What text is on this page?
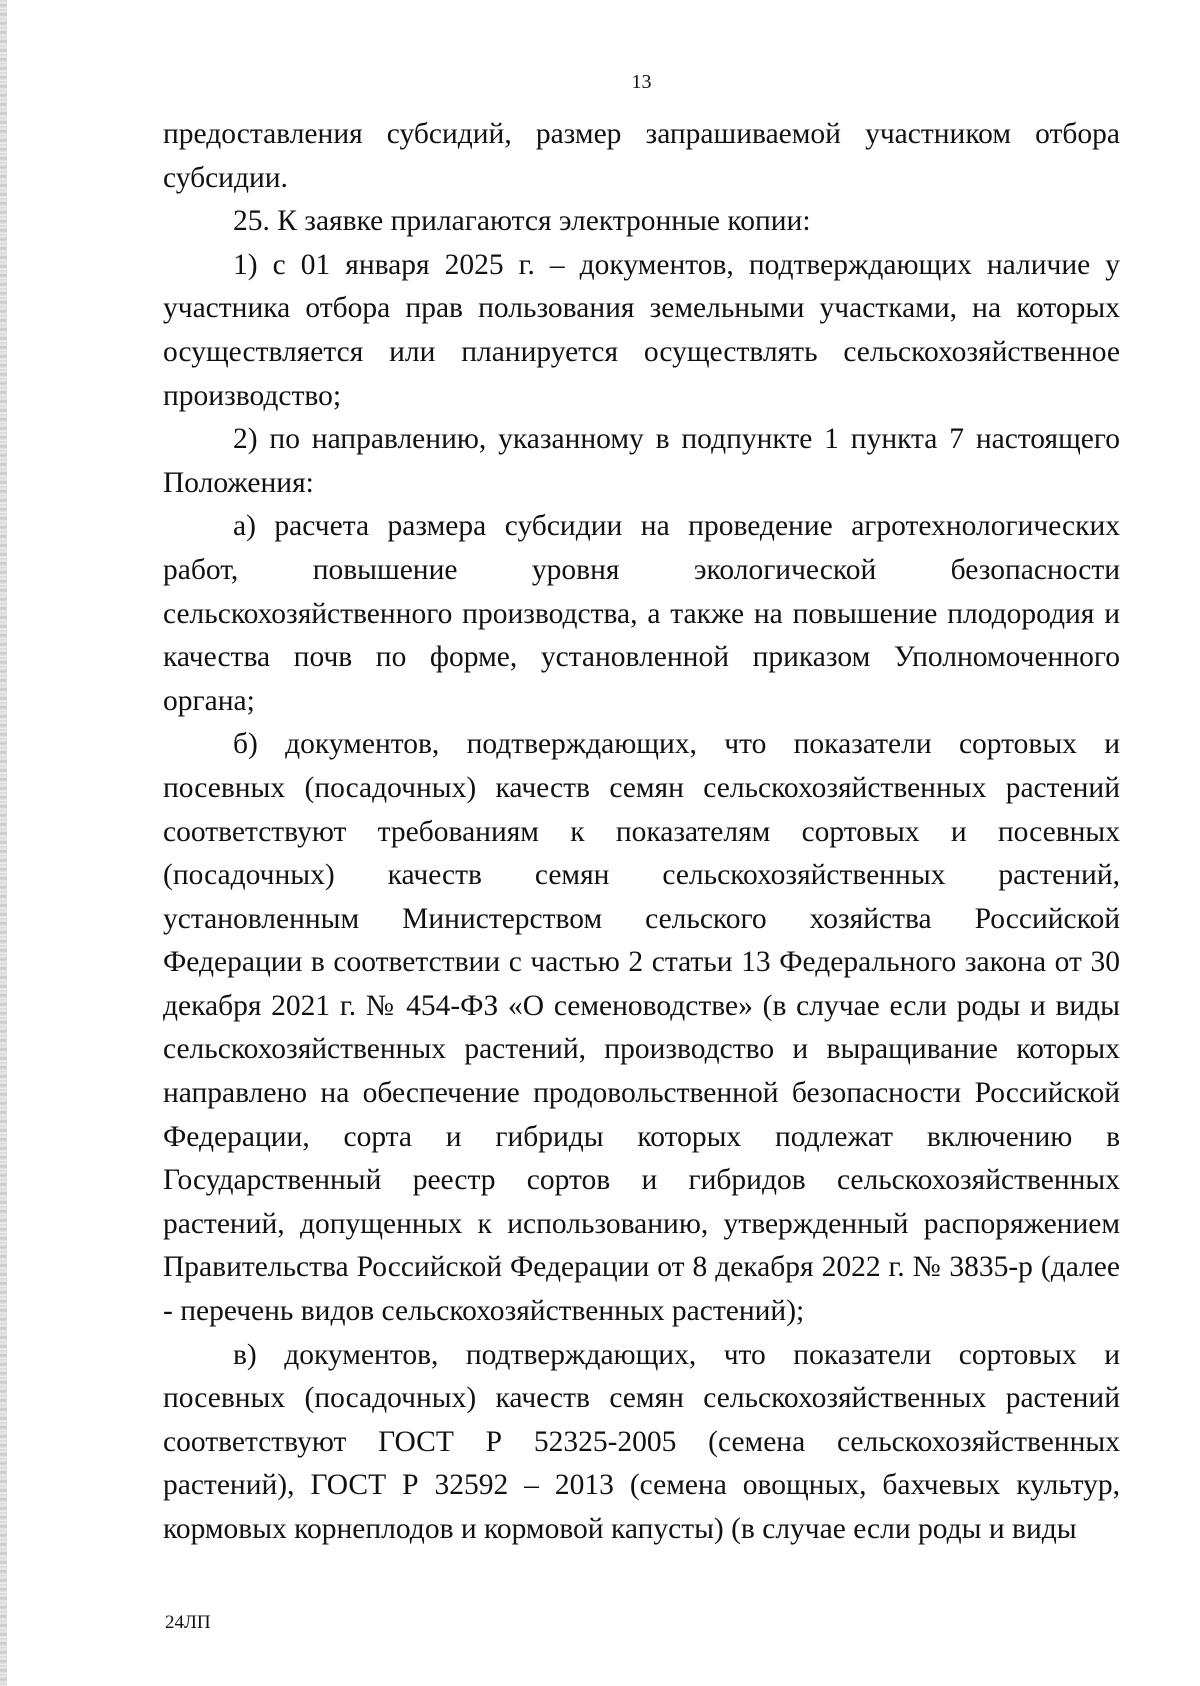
13

предоставления субсидий, размер запрашиваемой участником отбора субсидии.

25. К заявке прилагаются электронные копии:

1) с 01 января 2025 г. – документов, подтверждающих наличие у участника отбора прав пользования земельными участками, на которых осуществляется или планируется осуществлять сельскохозяйственное производство;

2) по направлению, указанному в подпункте 1 пункта 7 настоящего Положения:

а) расчета размера субсидии на проведение агротехнологических работ, повышение уровня экологической безопасности сельскохозяйственного производства, а также на повышение плодородия и качества почв по форме, установленной приказом Уполномоченного органа;

б) документов, подтверждающих, что показатели сортовых и посевных (посадочных) качеств семян сельскохозяйственных растений соответствуют требованиям к показателям сортовых и посевных (посадочных) качеств семян сельскохозяйственных растений, установленным Министерством сельского хозяйства Российской Федерации в соответствии с частью 2 статьи 13 Федерального закона от 30 декабря 2021 г. № 454-ФЗ «О семеноводстве» (в случае если роды и виды сельскохозяйственных растений, производство и выращивание которых направлено на обеспечение продовольственной безопасности Российской Федерации, сорта и гибриды которых подлежат включению в Государственный реестр сортов и гибридов сельскохозяйственных растений, допущенных к использованию, утвержденный распоряжением Правительства Российской Федерации от 8 декабря 2022 г. № 3835-р (далее - перечень видов сельскохозяйственных растений);

в) документов, подтверждающих, что показатели сортовых и посевных (посадочных) качеств семян сельскохозяйственных растений соответствуют ГОСТ Р 52325-2005 (семена сельскохозяйственных растений), ГОСТ Р 32592 – 2013 (семена овощных, бахчевых культур, кормовых корнеплодов и кормовой капусты) (в случае если роды и виды

24ЛП
